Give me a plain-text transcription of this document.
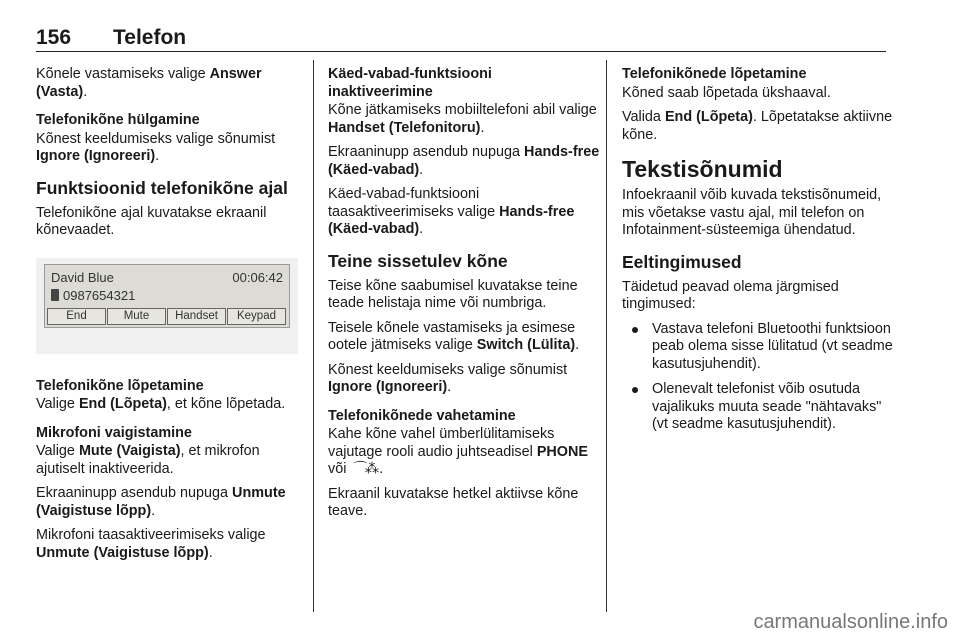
156 Telefon

Kõnele vastamiseks valige Answer (Vasta).

Telefonikõne hülgamine

Kõnest keeldumiseks valige sõnumist Ignore (Ignoreeri).

Funktsioonid telefonikõne ajal

Telefonikõne ajal kuvatakse ekraanil kõnevaadet.

David Blue	00:06:42
0987654321
End	Mute	Handset	Keypad
Telefonikõne lõpetamine

Valige End (Lõpeta), et kõne lõpetada.

Mikrofoni vaigistamine

Valige Mute (Vaigista), et mikrofon ajutiselt inaktiveerida.

Ekraaninupp asendub nupuga Unmute (Vaigistuse lõpp).

Mikrofoni taasaktiveerimiseks valige Unmute (Vaigistuse lõpp).

Käed-vabad-funktsiooni inaktiveerimine

Kõne jätkamiseks mobiiltelefoni abil valige Handset (Telefonitoru).

Ekraaninupp asendub nupuga Hands-free (Käed-vabad).

Käed-vabad-funktsiooni taasaktiveerimiseks valige Hands-free (Käed-vabad).

Teine sissetulev kõne

Teise kõne saabumisel kuvatakse teine teade helistaja nime või numbriga.

Teisele kõnele vastamiseks ja esimese ootele jätmiseks valige Switch (Lülita).

Kõnest keeldumiseks valige sõnumist Ignore (Ignoreeri).

Telefonikõnede vahetamine

Kahe kõne vahel ümberlülitamiseks vajutage rooli audio juhtseadisel PHONE või ⌒⁂.

Ekraanil kuvatakse hetkel aktiivse kõne teave.

Telefonikõnede lõpetamine

Kõned saab lõpetada ükshaaval.

Valida End (Lõpeta). Lõpetatakse aktiivne kõne.

Tekstisõnumid

Infoekraanil võib kuvada tekstisõnumeid, mis võetakse vastu ajal, mil telefon on Infotainment-süsteemiga ühendatud.

Eeltingimused

Täidetud peavad olema järgmised tingimused:

Vastava telefoni Bluetoothi funktsioon peab olema sisse lülitatud (vt seadme kasutusjuhendit).
Olenevalt telefonist võib osutuda vajalikuks muuta seade "nähtavaks" (vt seadme kasutusjuhendit).
carmanualsonline.info
